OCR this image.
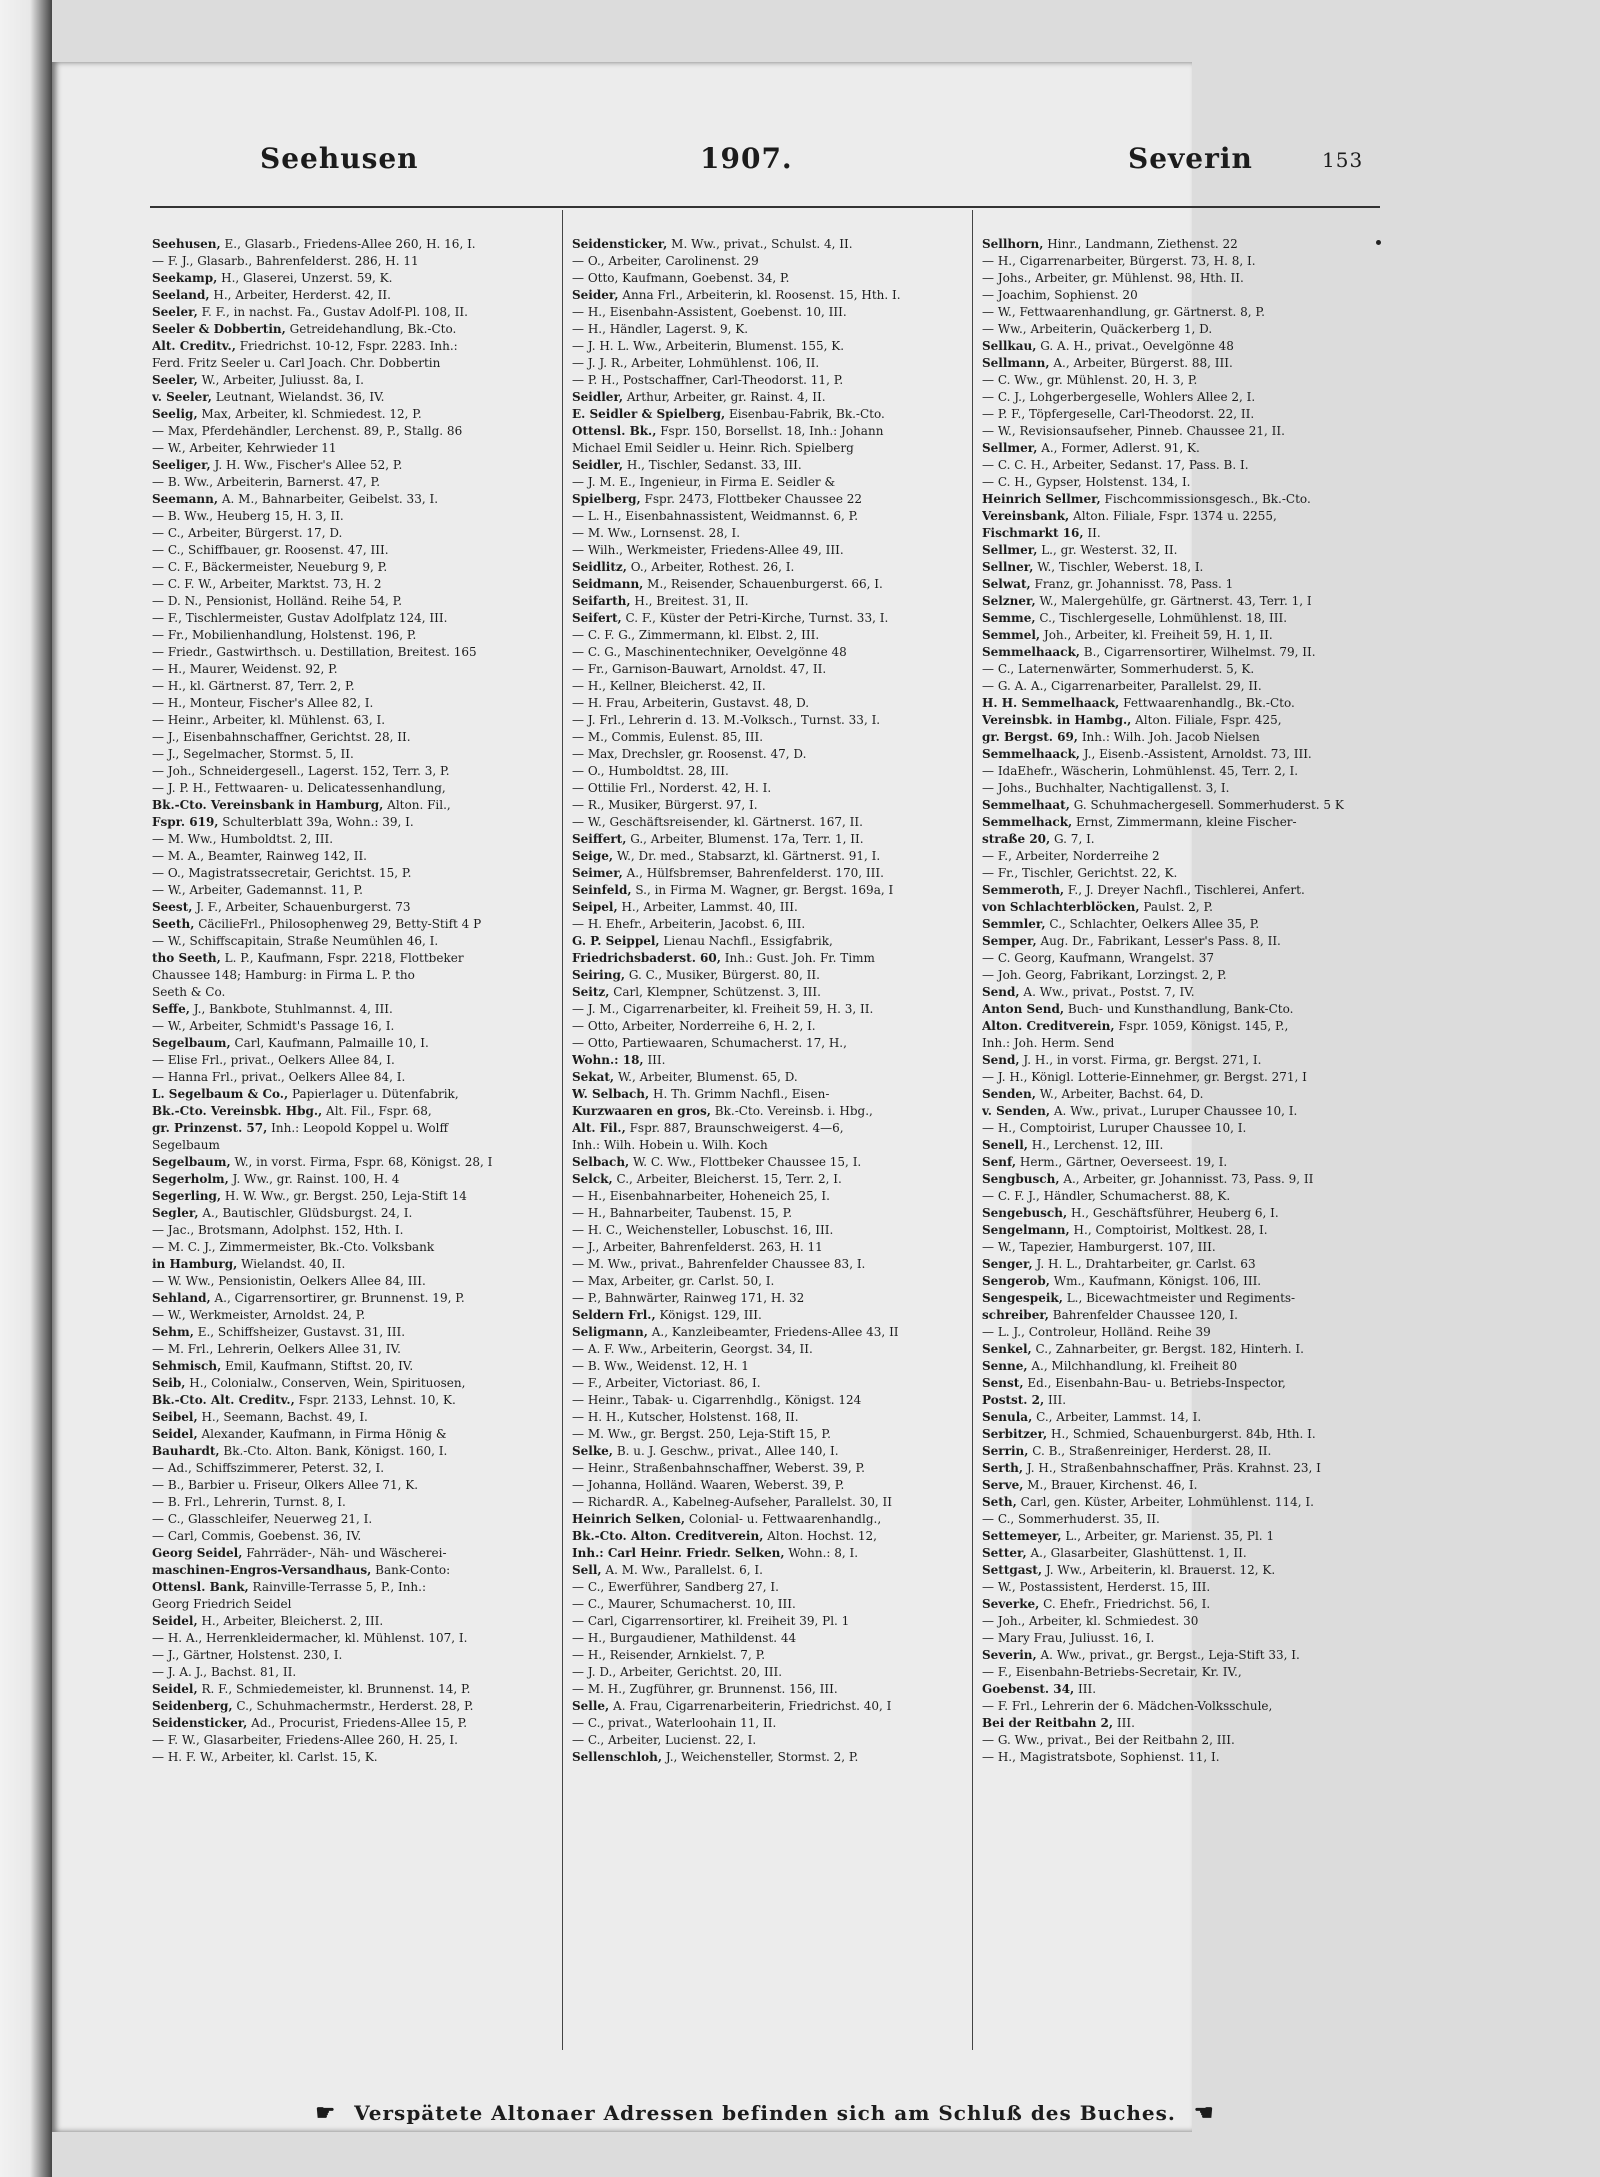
Seehusen	1907.	Severin	153
Seehusen, E., Glasarb., Friedens-Allee 260, H. 16, I.
— F. J., Glasarb., Bahrenfelderst. 286, H. 11
Seekamp, H., Glaserei, Unzerst. 59, K.
Seeland, H., Arbeiter, Herderst. 42, II.
Seeler, F. F., in nachst. Fa., Gustav Adolf-Pl. 108, II.
Seeler & Dobbertin, Getreidehandlung, Bk.-Cto.
Alt. Creditv., Friedrichst. 10-12, Fspr. 2283. Inh.:
Ferd. Fritz Seeler u. Carl Joach. Chr. Dobbertin
Seeler, W., Arbeiter, Juliusst. 8a, I.
v. Seeler, Leutnant, Wielandst. 36, IV.
Seelig, Max, Arbeiter, kl. Schmiedest. 12, P.
— Max, Pferdehändler, Lerchenst. 89, P., Stallg. 86
— W., Arbeiter, Kehrwieder 11
Seeliger, J. H. Ww., Fischer's Allee 52, P.
— B. Ww., Arbeiterin, Barnerst. 47, P.
Seemann, A. M., Bahnarbeiter, Geibelst. 33, I.
— B. Ww., Heuberg 15, H. 3, II.
— C., Arbeiter, Bürgerst. 17, D.
— C., Schiffbauer, gr. Roosenst. 47, III.
— C. F., Bäckermeister, Neueburg 9, P.
— C. F. W., Arbeiter, Marktst. 73, H. 2
— D. N., Pensionist, Holländ. Reihe 54, P.
— F., Tischlermeister, Gustav Adolfplatz 124, III.
— Fr., Mobilienhandlung, Holstenst. 196, P.
— Friedr., Gastwirthsch. u. Destillation, Breitest. 165
— H., Maurer, Weidenst. 92, P.
— H., kl. Gärtnerst. 87, Terr. 2, P.
— H., Monteur, Fischer's Allee 82, I.
— Heinr., Arbeiter, kl. Mühlenst. 63, I.
— J., Eisenbahnschaffner, Gerichtst. 28, II.
— J., Segelmacher, Stormst. 5, II.
— Joh., Schneidergesell., Lagerst. 152, Terr. 3, P.
— J. P. H., Fettwaaren- u. Delicatessenhandlung,
Bk.-Cto. Vereinsbank in Hamburg, Alton. Fil.,
Fspr. 619, Schulterblatt 39a, Wohn.: 39, I.
— M. Ww., Humboldtst. 2, III.
— M. A., Beamter, Rainweg 142, II.
— O., Magistratssecretair, Gerichtst. 15, P.
— W., Arbeiter, Gademannst. 11, P.
Seest, J. F., Arbeiter, Schauenburgerst. 73
Seeth, CäcilieFrl., Philosophenweg 29, Betty-Stift 4 P
— W., Schiffscapitain, Straße Neumühlen 46, I.
tho Seeth, L. P., Kaufmann, Fspr. 2218, Flottbeker
Chaussee 148; Hamburg: in Firma L. P. tho
Seeth & Co.
Seffe, J., Bankbote, Stuhlmannst. 4, III.
— W., Arbeiter, Schmidt's Passage 16, I.
Segelbaum, Carl, Kaufmann, Palmaille 10, I.
— Elise Frl., privat., Oelkers Allee 84, I.
— Hanna Frl., privat., Oelkers Allee 84, I.
L. Segelbaum & Co., Papierlager u. Dütenfabrik,
Bk.-Cto. Vereinsbk. Hbg., Alt. Fil., Fspr. 68,
gr. Prinzenst. 57, Inh.: Leopold Koppel u. Wolff
Segelbaum
Segelbaum, W., in vorst. Firma, Fspr. 68, Königst. 28, I
Segerholm, J. Ww., gr. Rainst. 100, H. 4
Segerling, H. W. Ww., gr. Bergst. 250, Leja-Stift 14
Segler, A., Bautischler, Glüdsburgst. 24, I.
— Jac., Brotsmann, Adolphst. 152, Hth. I.
— M. C. J., Zimmermeister, Bk.-Cto. Volksbank
in Hamburg, Wielandst. 40, II.
— W. Ww., Pensionistin, Oelkers Allee 84, III.
Sehland, A., Cigarrensortirer, gr. Brunnenst. 19, P.
— W., Werkmeister, Arnoldst. 24, P.
Sehm, E., Schiffsheizer, Gustavst. 31, III.
— M. Frl., Lehrerin, Oelkers Allee 31, IV.
Sehmisch, Emil, Kaufmann, Stiftst. 20, IV.
Seib, H., Colonialw., Conserven, Wein, Spirituosen,
Bk.-Cto. Alt. Creditv., Fspr. 2133, Lehnst. 10, K.
Seibel, H., Seemann, Bachst. 49, I.
Seidel, Alexander, Kaufmann, in Firma Hönig &
Bauhardt, Bk.-Cto. Alton. Bank, Königst. 160, I.
— Ad., Schiffszimmerer, Peterst. 32, I.
— B., Barbier u. Friseur, Olkers Allee 71, K.
— B. Frl., Lehrerin, Turnst. 8, I.
— C., Glasschleifer, Neuerweg 21, I.
— Carl, Commis, Goebenst. 36, IV.
Georg Seidel, Fahrräder-, Näh- und Wäscherei-
maschinen-Engros-Versandhaus, Bank-Conto:
Ottensl. Bank, Rainville-Terrasse 5, P., Inh.:
Georg Friedrich Seidel
Seidel, H., Arbeiter, Bleicherst. 2, III.
— H. A., Herrenkleidermacher, kl. Mühlenst. 107, I.
— J., Gärtner, Holstenst. 230, I.
— J. A. J., Bachst. 81, II.
Seidel, R. F., Schmiedemeister, kl. Brunnenst. 14, P.
Seidenberg, C., Schuhmachermstr., Herderst. 28, P.
Seidensticker, Ad., Procurist, Friedens-Allee 15, P.
— F. W., Glasarbeiter, Friedens-Allee 260, H. 25, I.
— H. F. W., Arbeiter, kl. Carlst. 15, K.
Seidensticker, M. Ww., privat., Schulst. 4, II.
— O., Arbeiter, Carolinenst. 29
— Otto, Kaufmann, Goebenst. 34, P.
Seider, Anna Frl., Arbeiterin, kl. Roosenst. 15, Hth. I.
— H., Eisenbahn-Assistent, Goebenst. 10, III.
— H., Händler, Lagerst. 9, K.
— J. H. L. Ww., Arbeiterin, Blumenst. 155, K.
— J. J. R., Arbeiter, Lohmühlenst. 106, II.
— P. H., Postschaffner, Carl-Theodorst. 11, P.
Seidler, Arthur, Arbeiter, gr. Rainst. 4, II.
E. Seidler & Spielberg, Eisenbau-Fabrik, Bk.-Cto.
Ottensl. Bk., Fspr. 150, Borsellst. 18, Inh.: Johann
Michael Emil Seidler u. Heinr. Rich. Spielberg
Seidler, H., Tischler, Sedanst. 33, III.
— J. M. E., Ingenieur, in Firma E. Seidler &
Spielberg, Fspr. 2473, Flottbeker Chaussee 22
— L. H., Eisenbahnassistent, Weidmannst. 6, P.
— M. Ww., Lornsenst. 28, I.
— Wilh., Werkmeister, Friedens-Allee 49, III.
Seidlitz, O., Arbeiter, Rothest. 26, I.
Seidmann, M., Reisender, Schauenburgerst. 66, I.
Seifarth, H., Breitest. 31, II.
Seifert, C. F., Küster der Petri-Kirche, Turnst. 33, I.
— C. F. G., Zimmermann, kl. Elbst. 2, III.
— C. G., Maschinentechniker, Oevelgönne 48
— Fr., Garnison-Bauwart, Arnoldst. 47, II.
— H., Kellner, Bleicherst. 42, II.
— H. Frau, Arbeiterin, Gustavst. 48, D.
— J. Frl., Lehrerin d. 13. M.-Volksch., Turnst. 33, I.
— M., Commis, Eulenst. 85, III.
— Max, Drechsler, gr. Roosenst. 47, D.
— O., Humboldtst. 28, III.
— Ottilie Frl., Norderst. 42, H. I.
— R., Musiker, Bürgerst. 97, I.
— W., Geschäftsreisender, kl. Gärtnerst. 167, II.
Seiffert, G., Arbeiter, Blumenst. 17a, Terr. 1, II.
Seige, W., Dr. med., Stabsarzt, kl. Gärtnerst. 91, I.
Seimer, A., Hülfsbremser, Bahrenfelderst. 170, III.
Seinfeld, S., in Firma M. Wagner, gr. Bergst. 169a, I
Seipel, H., Arbeiter, Lammst. 40, III.
— H. Ehefr., Arbeiterin, Jacobst. 6, III.
G. P. Seippel, Lienau Nachfl., Essigfabrik,
Friedrichsbaderst. 60, Inh.: Gust. Joh. Fr. Timm
Seiring, G. C., Musiker, Bürgerst. 80, II.
Seitz, Carl, Klempner, Schützenst. 3, III.
— J. M., Cigarrenarbeiter, kl. Freiheit 59, H. 3, II.
— Otto, Arbeiter, Norderreihe 6, H. 2, I.
— Otto, Partiewaaren, Schumacherst. 17, H.,
Wohn.: 18, III.
Sekat, W., Arbeiter, Blumenst. 65, D.
W. Selbach, H. Th. Grimm Nachfl., Eisen-
Kurzwaaren en gros, Bk.-Cto. Vereinsb. i. Hbg.,
Alt. Fil., Fspr. 887, Braunschweigerst. 4—6,
Inh.: Wilh. Hobein u. Wilh. Koch
Selbach, W. C. Ww., Flottbeker Chaussee 15, I.
Selck, C., Arbeiter, Bleicherst. 15, Terr. 2, I.
— H., Eisenbahnarbeiter, Hoheneich 25, I.
— H., Bahnarbeiter, Taubenst. 15, P.
— H. C., Weichensteller, Lobuschst. 16, III.
— J., Arbeiter, Bahrenfelderst. 263, H. 11
— M. Ww., privat., Bahrenfelder Chaussee 83, I.
— Max, Arbeiter, gr. Carlst. 50, I.
— P., Bahnwärter, Rainweg 171, H. 32
Seldern Frl., Königst. 129, III.
Seligmann, A., Kanzleibeamter, Friedens-Allee 43, II
— A. F. Ww., Arbeiterin, Georgst. 34, II.
— B. Ww., Weidenst. 12, H. 1
— F., Arbeiter, Victoriast. 86, I.
— Heinr., Tabak- u. Cigarrenhdlg., Königst. 124
— H. H., Kutscher, Holstenst. 168, II.
— M. Ww., gr. Bergst. 250, Leja-Stift 15, P.
Selke, B. u. J. Geschw., privat., Allee 140, I.
— Heinr., Straßenbahnschaffner, Weberst. 39, P.
— Johanna, Holländ. Waaren, Weberst. 39, P.
— RichardR. A., Kabelneg-Aufseher, Parallelst. 30, II
Heinrich Selken, Colonial- u. Fettwaarenhandlg.,
Bk.-Cto. Alton. Creditverein, Alton. Hochst. 12,
Inh.: Carl Heinr. Friedr. Selken, Wohn.: 8, I.
Sell, A. M. Ww., Parallelst. 6, I.
— C., Ewerführer, Sandberg 27, I.
— C., Maurer, Schumacherst. 10, III.
— Carl, Cigarrensortirer, kl. Freiheit 39, Pl. 1
— H., Burgaudiener, Mathildenst. 44
— H., Reisender, Arnkielst. 7, P.
— J. D., Arbeiter, Gerichtst. 20, III.
— M. H., Zugführer, gr. Brunnenst. 156, III.
Selle, A. Frau, Cigarrenarbeiterin, Friedrichst. 40, I
— C., privat., Waterloohain 11, II.
— C., Arbeiter, Lucienst. 22, I.
Sellenschloh, J., Weichensteller, Stormst. 2, P.
Sellhorn, Hinr., Landmann, Ziethenst. 22
— H., Cigarrenarbeiter, Bürgerst. 73, H. 8, I.
— Johs., Arbeiter, gr. Mühlenst. 98, Hth. II.
— Joachim, Sophienst. 20
— W., Fettwaarenhandlung, gr. Gärtnerst. 8, P.
— Ww., Arbeiterin, Quäckerberg 1, D.
Sellkau, G. A. H., privat., Oevelgönne 48
Sellmann, A., Arbeiter, Bürgerst. 88, III.
— C. Ww., gr. Mühlenst. 20, H. 3, P.
— C. J., Lohgerbergeselle, Wohlers Allee 2, I.
— P. F., Töpfergeselle, Carl-Theodorst. 22, II.
— W., Revisionsaufseher, Pinneb. Chaussee 21, II.
Sellmer, A., Former, Adlerst. 91, K.
— C. C. H., Arbeiter, Sedanst. 17, Pass. B. I.
— C. H., Gypser, Holstenst. 134, I.
Heinrich Sellmer, Fischcommissionsgesch., Bk.-Cto.
Vereinsbank, Alton. Filiale, Fspr. 1374 u. 2255,
Fischmarkt 16, II.
Sellmer, L., gr. Westerst. 32, II.
Sellner, W., Tischler, Weberst. 18, I.
Selwat, Franz, gr. Johannisst. 78, Pass. 1
Selzner, W., Malergehülfe, gr. Gärtnerst. 43, Terr. 1, I
Semme, C., Tischlergeselle, Lohmühlenst. 18, III.
Semmel, Joh., Arbeiter, kl. Freiheit 59, H. 1, II.
Semmelhaack, B., Cigarrensortirer, Wilhelmst. 79, II.
— C., Laternenwärter, Sommerhuderst. 5, K.
— G. A. A., Cigarrenarbeiter, Parallelst. 29, II.
H. H. Semmelhaack, Fettwaarenhandlg., Bk.-Cto.
Vereinsbk. in Hambg., Alton. Filiale, Fspr. 425,
gr. Bergst. 69, Inh.: Wilh. Joh. Jacob Nielsen
Semmelhaack, J., Eisenb.-Assistent, Arnoldst. 73, III.
— IdaEhefr., Wäscherin, Lohmühlenst. 45, Terr. 2, I.
— Johs., Buchhalter, Nachtigallenst. 3, I.
Semmelhaat, G. Schuhmachergesell. Sommerhuderst. 5 K
Semmelhack, Ernst, Zimmermann, kleine Fischer-
straße 20, G. 7, I.
— F., Arbeiter, Norderreihe 2
— Fr., Tischler, Gerichtst. 22, K.
Semmeroth, F., J. Dreyer Nachfl., Tischlerei, Anfert.
von Schlachterblöcken, Paulst. 2, P.
Semmler, C., Schlachter, Oelkers Allee 35, P.
Semper, Aug. Dr., Fabrikant, Lesser's Pass. 8, II.
— C. Georg, Kaufmann, Wrangelst. 37
— Joh. Georg, Fabrikant, Lorzingst. 2, P.
Send, A. Ww., privat., Postst. 7, IV.
Anton Send, Buch- und Kunsthandlung, Bank-Cto.
Alton. Creditverein, Fspr. 1059, Königst. 145, P.,
Inh.: Joh. Herm. Send
Send, J. H., in vorst. Firma, gr. Bergst. 271, I.
— J. H., Königl. Lotterie-Einnehmer, gr. Bergst. 271, I
Senden, W., Arbeiter, Bachst. 64, D.
v. Senden, A. Ww., privat., Luruper Chaussee 10, I.
— H., Comptoirist, Luruper Chaussee 10, I.
Senell, H., Lerchenst. 12, III.
Senf, Herm., Gärtner, Oeverseest. 19, I.
Sengbusch, A., Arbeiter, gr. Johannisst. 73, Pass. 9, II
— C. F. J., Händler, Schumacherst. 88, K.
Sengebusch, H., Geschäftsführer, Heuberg 6, I.
Sengelmann, H., Comptoirist, Moltkest. 28, I.
— W., Tapezier, Hamburgerst. 107, III.
Senger, J. H. L., Drahtarbeiter, gr. Carlst. 63
Sengerob, Wm., Kaufmann, Königst. 106, III.
Sengespeik, L., Bicewachtmeister und Regiments-
schreiber, Bahrenfelder Chaussee 120, I.
— L. J., Controleur, Holländ. Reihe 39
Senkel, C., Zahnarbeiter, gr. Bergst. 182, Hinterh. I.
Senne, A., Milchhandlung, kl. Freiheit 80
Senst, Ed., Eisenbahn-Bau- u. Betriebs-Inspector,
Postst. 2, III.
Senula, C., Arbeiter, Lammst. 14, I.
Serbitzer, H., Schmied, Schauenburgerst. 84b, Hth. I.
Serrin, C. B., Straßenreiniger, Herderst. 28, II.
Serth, J. H., Straßenbahnschaffner, Präs. Krahnst. 23, I
Serve, M., Brauer, Kirchenst. 46, I.
Seth, Carl, gen. Küster, Arbeiter, Lohmühlenst. 114, I.
— C., Sommerhuderst. 35, II.
Settemeyer, L., Arbeiter, gr. Marienst. 35, Pl. 1
Setter, A., Glasarbeiter, Glashüttenst. 1, II.
Settgast, J. Ww., Arbeiterin, kl. Brauerst. 12, K.
— W., Postassistent, Herderst. 15, III.
Severke, C. Ehefr., Friedrichst. 56, I.
— Joh., Arbeiter, kl. Schmiedest. 30
— Mary Frau, Juliusst. 16, I.
Severin, A. Ww., privat., gr. Bergst., Leja-Stift 33, I.
— F., Eisenbahn-Betriebs-Secretair, Kr. IV.,
Goebenst. 34, III.
— F. Frl., Lehrerin der 6. Mädchen-Volksschule,
Bei der Reitbahn 2, III.
— G. Ww., privat., Bei der Reitbahn 2, III.
— H., Magistratsbote, Sophienst. 11, I.
☛ Verspätete Altonaer Adressen befinden sich am Schluß des Buches. ☚
